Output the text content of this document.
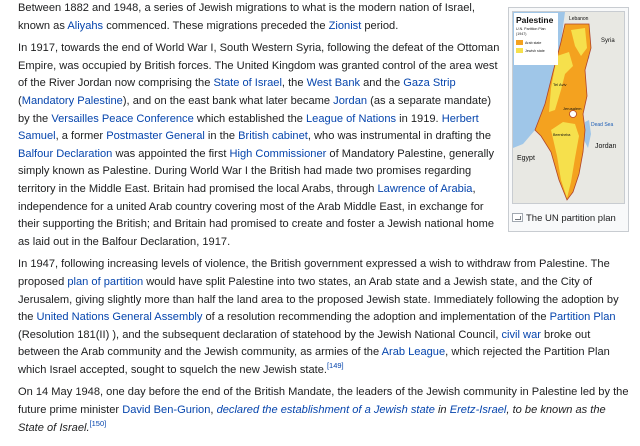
Between 1882 and 1948, a series of Jewish migrations to what is the modern nation of Israel, known as Aliyahs commenced. These migrations preceded the Zionist period.

In 1917, towards the end of World War I, South Western Syria, following the defeat of the Ottoman Empire, was occupied by British forces. The United Kingdom was granted control of the area west of the River Jordan now comprising the State of Israel, the West Bank and the Gaza Strip (Mandatory Palestine), and on the east bank what later became Jordan (as a separate mandate) by the Versailles Peace Conference which established the League of Nations in 1919. Herbert Samuel, a former Postmaster General in the British cabinet, who was instrumental in drafting the Balfour Declaration was appointed the first High Commissioner of Mandatory Palestine, generally simply known as Palestine. During World War I the British had made two promises regarding territory in the Middle East. Britain had promised the local Arabs, through Lawrence of Arabia, independence for a united Arab country covering most of the Arab Middle East, in exchange for their supporting the British; and Britain had promised to create and foster a Jewish national home as laid out in the Balfour Declaration, 1917.

In 1947, following increasing levels of violence, the British government expressed a wish to withdraw from Palestine. The proposed plan of partition would have split Palestine into two states, an Arab state and a Jewish state, and the City of Jerusalem, giving slightly more than half the land area to the proposed Jewish state. Immediately following the adoption by the United Nations General Assembly of a resolution recommending the adoption and implementation of the Partition Plan (Resolution 181(II) ), and the subsequent declaration of statehood by the Jewish National Council, civil war broke out between the Arab community and the Jewish community, as armies of the Arab League, which rejected the Partition Plan which Israel accepted, sought to squelch the new Jewish state.[149]

On 14 May 1948, one day before the end of the British Mandate, the leaders of the Jewish community in Palestine led by the future prime minister David Ben-Gurion, declared the establishment of a Jewish state in Eretz-Israel, to be known as the State of Israel.[150]

Palestine
U.N. Partition Plan
(1947)
Arab state
Jewish state
Lebanon
Syria
Tel Aviv
Jerusalem
Dead Sea
Jordan
Egypt
Beersheba
The UN partition plan
